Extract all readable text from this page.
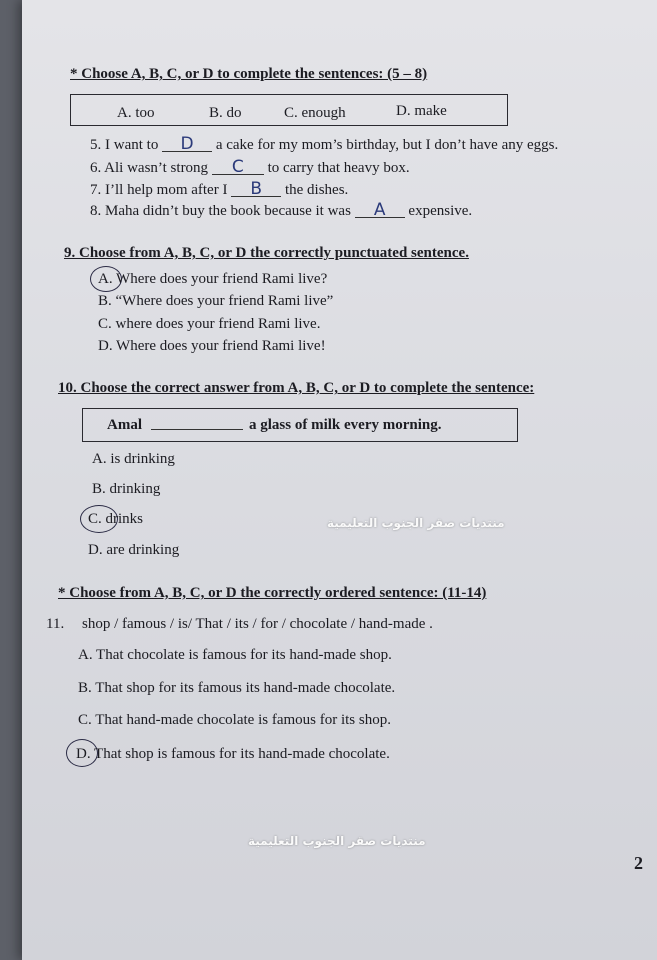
* Choose A, B, C, or D to complete the sentences: (5 – 8)
A. too	B. do	C. enough	D. make
5. I want to D a cake for my mom’s birthday, but I don’t have any eggs.
6. Ali wasn’t strong C to carry that heavy box.
7. I’ll help mom after I B the dishes.
8. Maha didn’t buy the book because it was A expensive.
9. Choose from A, B, C, or D the correctly punctuated sentence.
A. Where does your friend Rami live?
B. “Where does your friend Rami live”
C. where does your friend Rami live.
D. Where does your friend Rami live!
10. Choose the correct answer from A, B, C, or D to complete the sentence:
Amal	a glass of milk every morning.
A. is drinking
B. drinking
C. drinks
D. are drinking
* Choose from A, B, C, or D the correctly ordered sentence: (11-14)
11. shop / famous / is/ That / its / for / chocolate / hand-made .
A. That chocolate is famous for its hand-made shop.
B. That shop for its famous its hand-made chocolate.
C. That hand-made chocolate is famous for its shop.
D. That shop is famous for its hand-made chocolate.
منتديات صقر الجنوب التعليمية
منتديات صقر الجنوب التعليمية
2
